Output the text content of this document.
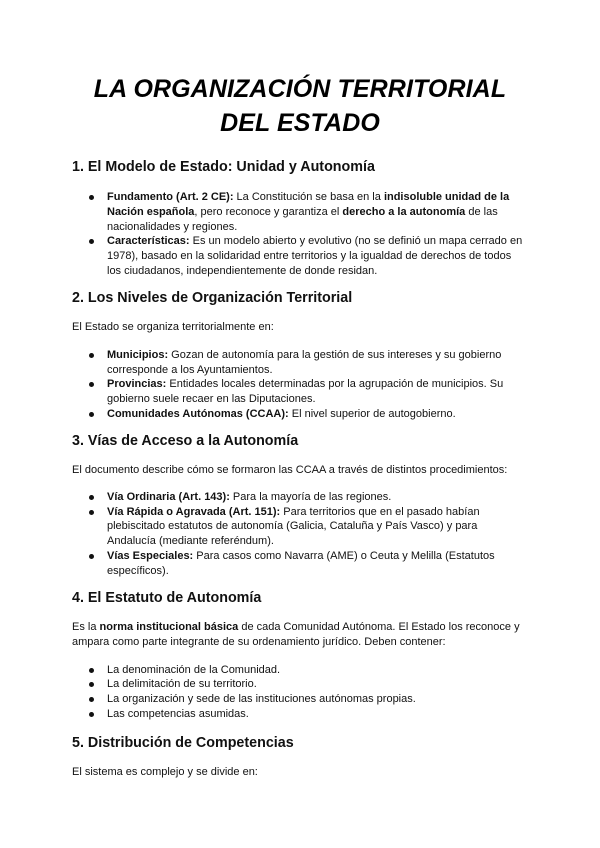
LA ORGANIZACIÓN TERRITORIAL
DEL ESTADO
1. El Modelo de Estado: Unidad y Autonomía
Fundamento (Art. 2 CE): La Constitución se basa en la indisoluble unidad de la Nación española, pero reconoce y garantiza el derecho a la autonomía de las nacionalidades y regiones.
Características: Es un modelo abierto y evolutivo (no se definió un mapa cerrado en 1978), basado en la solidaridad entre territorios y la igualdad de derechos de todos los ciudadanos, independientemente de donde residan.
2. Los Niveles de Organización Territorial

El Estado se organiza territorialmente en:

Municipios: Gozan de autonomía para la gestión de sus intereses y su gobierno corresponde a los Ayuntamientos.
Provincias: Entidades locales determinadas por la agrupación de municipios. Su gobierno suele recaer en las Diputaciones.
Comunidades Autónomas (CCAA): El nivel superior de autogobierno.
3. Vías de Acceso a la Autonomía

El documento describe cómo se formaron las CCAA a través de distintos procedimientos:

Vía Ordinaria (Art. 143): Para la mayoría de las regiones.
Vía Rápida o Agravada (Art. 151): Para territorios que en el pasado habían plebiscitado estatutos de autonomía (Galicia, Cataluña y País Vasco) y para Andalucía (mediante referéndum).
Vías Especiales: Para casos como Navarra (AME) o Ceuta y Melilla (Estatutos específicos).
4. El Estatuto de Autonomía

Es la norma institucional básica de cada Comunidad Autónoma. El Estado los reconoce y ampara como parte integrante de su ordenamiento jurídico. Deben contener:

La denominación de la Comunidad.
La delimitación de su territorio.
La organización y sede de las instituciones autónomas propias.
Las competencias asumidas.
5. Distribución de Competencias

El sistema es complejo y se divide en:
